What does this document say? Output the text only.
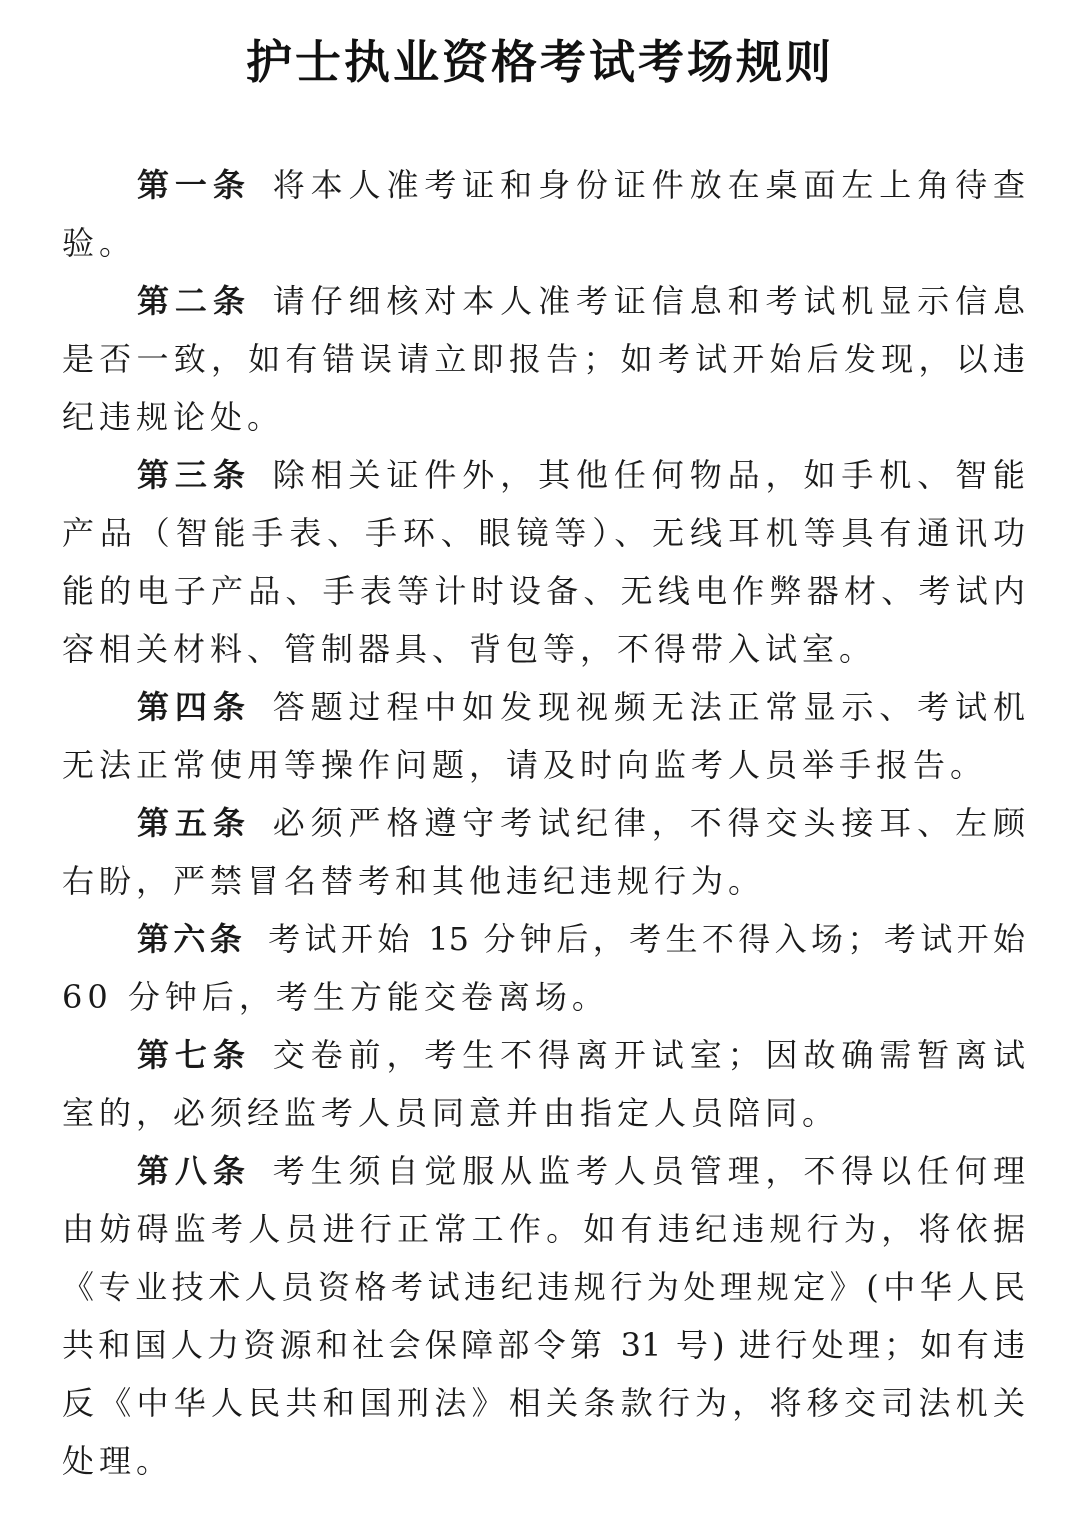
护士执业资格考试考场规则
第一条 将本人准考证和身份证件放在桌面左上角待查
验。
第二条 请仔细核对本人准考证信息和考试机显示信息
是否一致，如有错误请立即报告；如考试开始后发现，以违
纪违规论处。
第三条 除相关证件外，其他任何物品，如手机、智能
产品（智能手表、手环、眼镜等）、无线耳机等具有通讯功
能的电子产品、手表等计时设备、无线电作弊器材、考试内
容相关材料、管制器具、背包等，不得带入试室。
第四条 答题过程中如发现视频无法正常显示、考试机
无法正常使用等操作问题，请及时向监考人员举手报告。
第五条 必须严格遵守考试纪律，不得交头接耳、左顾
右盼，严禁冒名替考和其他违纪违规行为。
第六条 考试开始 15 分钟后，考生不得入场；考试开始
60 分钟后，考生方能交卷离场。
第七条 交卷前，考生不得离开试室；因故确需暂离试
室的，必须经监考人员同意并由指定人员陪同。
第八条 考生须自觉服从监考人员管理，不得以任何理
由妨碍监考人员进行正常工作。如有违纪违规行为，将依据
《专业技术人员资格考试违纪违规行为处理规定》(中华人民
共和国人力资源和社会保障部令第 31 号) 进行处理；如有违
反《中华人民共和国刑法》相关条款行为，将移交司法机关
处理。
